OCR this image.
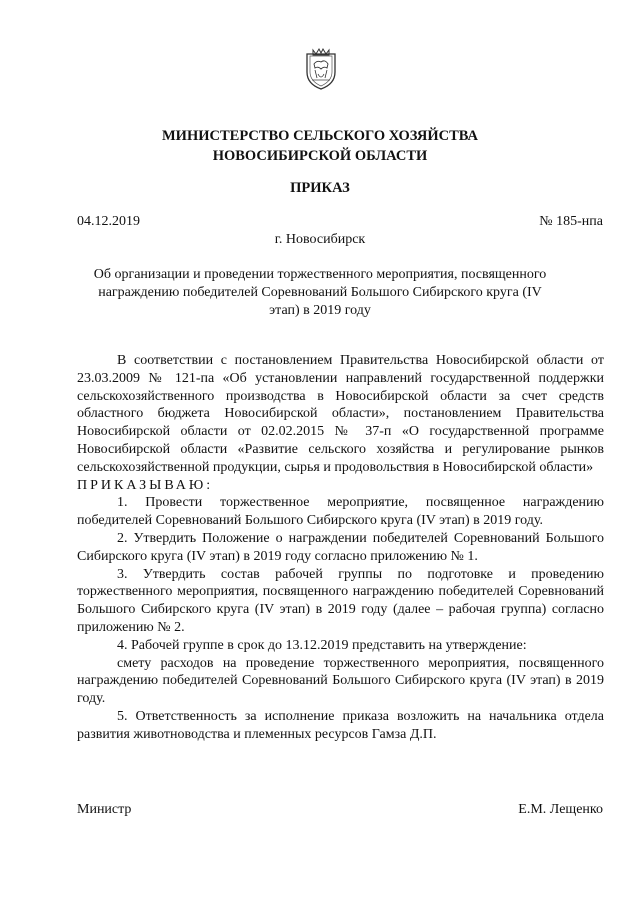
МИНИСТЕРСТВО СЕЛЬСКОГО ХОЗЯЙСТВА
НОВОСИБИРСКОЙ ОБЛАСТИ
ПРИКАЗ
04.12.2019	№ 185-нпа
г. Новосибирск
Об организации и проведении торжественного мероприятия, посвященного награждению победителей Соревнований Большого Сибирского круга (IV этап) в 2019 году

В соответствии с постановлением Правительства Новосибирской области от 23.03.2009 № 121-па «Об установлении направлений государственной поддержки сельскохозяйственного производства в Новосибирской области за счет средств областного бюджета Новосибирской области», постановлением Правительства Новосибирской области от 02.02.2015 № 37-п «О государственной программе Новосибирской области «Развитие сельского хозяйства и регулирование рынков сельскохозяйственной продукции, сырья и продовольствия в Новосибирской области»

ПРИКАЗЫВАЮ:

1. Провести торжественное мероприятие, посвященное награждению победителей Соревнований Большого Сибирского круга (IV этап) в 2019 году.

2. Утвердить Положение о награждении победителей Соревнований Большого Сибирского круга (IV этап) в 2019 году согласно приложению № 1.

3. Утвердить состав рабочей группы по подготовке и проведению торжественного мероприятия, посвященного награждению победителей Соревнований Большого Сибирского круга (IV этап) в 2019 году (далее – рабочая группа) согласно приложению № 2.

4. Рабочей группе в срок до 13.12.2019 представить на утверждение:

смету расходов на проведение торжественного мероприятия, посвященного награждению победителей Соревнований Большого Сибирского круга (IV этап) в 2019 году.

5. Ответственность за исполнение приказа возложить на начальника отдела развития животноводства и племенных ресурсов Гамза Д.П.

Министр	Е.М. Лещенко
